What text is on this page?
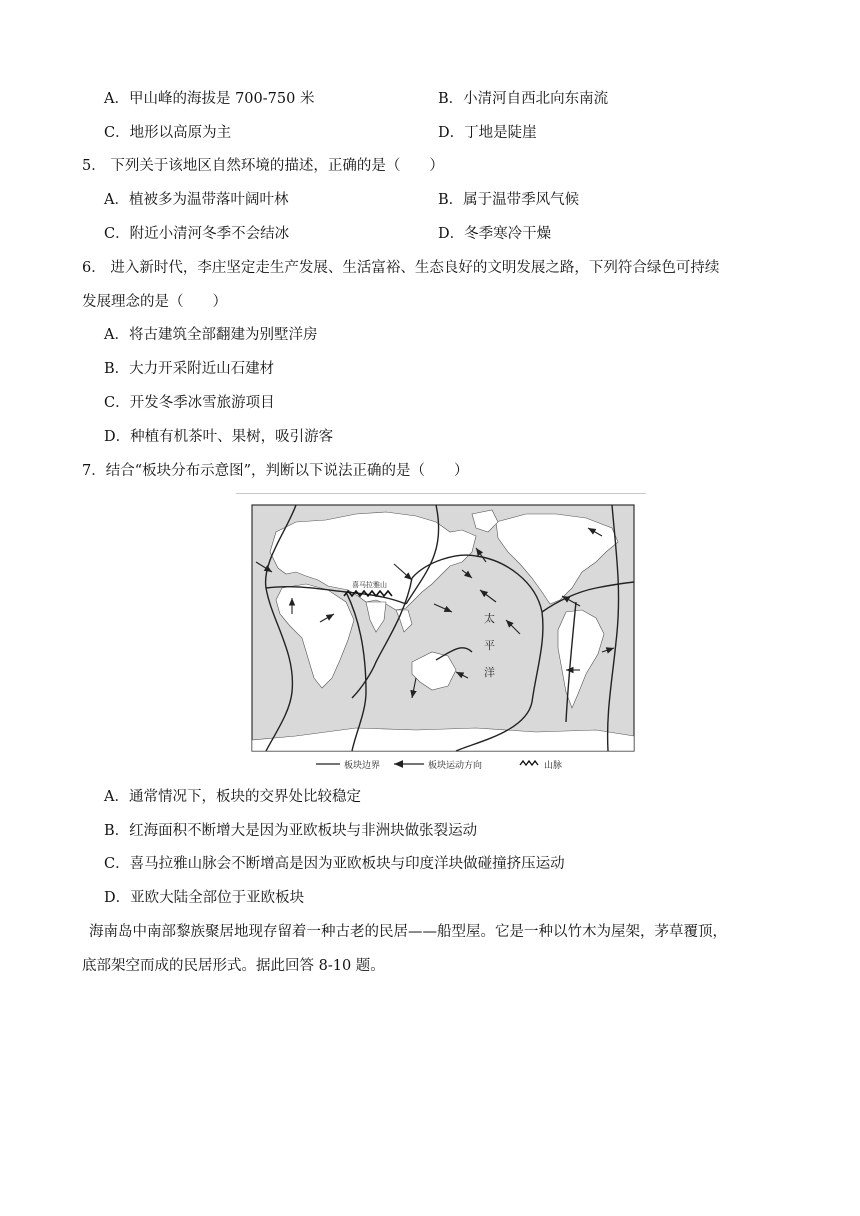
A．甲山峰的海拔是 700-750 米	B．小清河自西北向东南流
C．地形以高原为主	D．丁地是陡崖
5． 下列关于该地区自然环境的描述，正确的是（　　）
A．植被多为温带落叶阔叶林	B．属于温带季风气候
C．附近小清河冬季不会结冰	D．冬季寒冷干燥
6． 进入新时代，李庄坚定走生产发展、生活富裕、生态良好的文明发展之路，下列符合绿色可持续
发展理念的是（　　）
A．将古建筑全部翻建为别墅洋房
B．大力开采附近山石建材
C．开发冬季冰雪旅游项目
D．种植有机茶叶、果树，吸引游客
7．结合“板块分布示意图”，判断以下说法正确的是（　　）
喜马拉雅山
太
平
洋
板块边界	板块运动方向	山脉
A．通常情况下，板块的交界处比较稳定
B．红海面积不断增大是因为亚欧板块与非洲块做张裂运动
C．喜马拉雅山脉会不断增高是因为亚欧板块与印度洋块做碰撞挤压运动
D．亚欧大陆全部位于亚欧板块
海南岛中南部黎族聚居地现存留着一种古老的民居——船型屋。它是一种以竹木为屋架，茅草覆顶，
底部架空而成的民居形式。据此回答 8-10 题。
